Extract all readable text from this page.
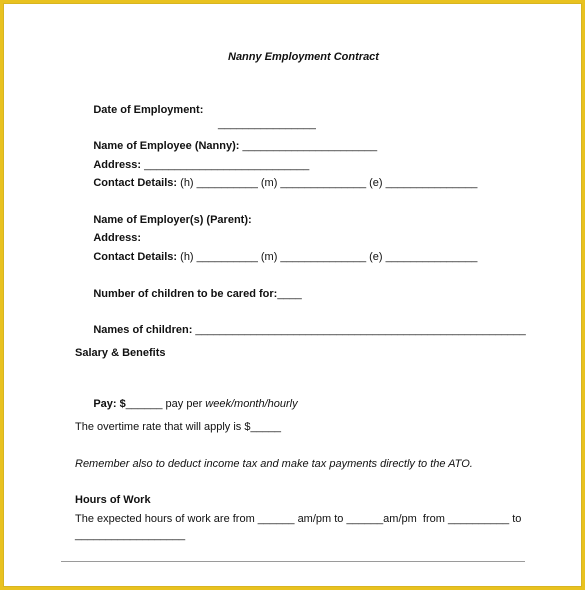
Nanny Employment Contract

Date of Employment:

________________

Name of Employee (Nanny): ______________________

Address: ___________________________

Contact Details: (h) __________ (m) ______________ (e) _______________

Name of Employer(s) (Parent):

Address:

Contact Details: (h) __________ (m) ______________ (e) _______________

Number of children to be cared for:____

Names of children: ______________________________________________________

Salary & Benefits

Pay: $______ pay per week/month/hourly

The overtime rate that will apply is $_____
Remember also to deduct income tax and make tax payments directly to the ATO.
Hours of Work
The expected hours of work are from ______ am/pm to ______am/pm  from __________ to
__________________
